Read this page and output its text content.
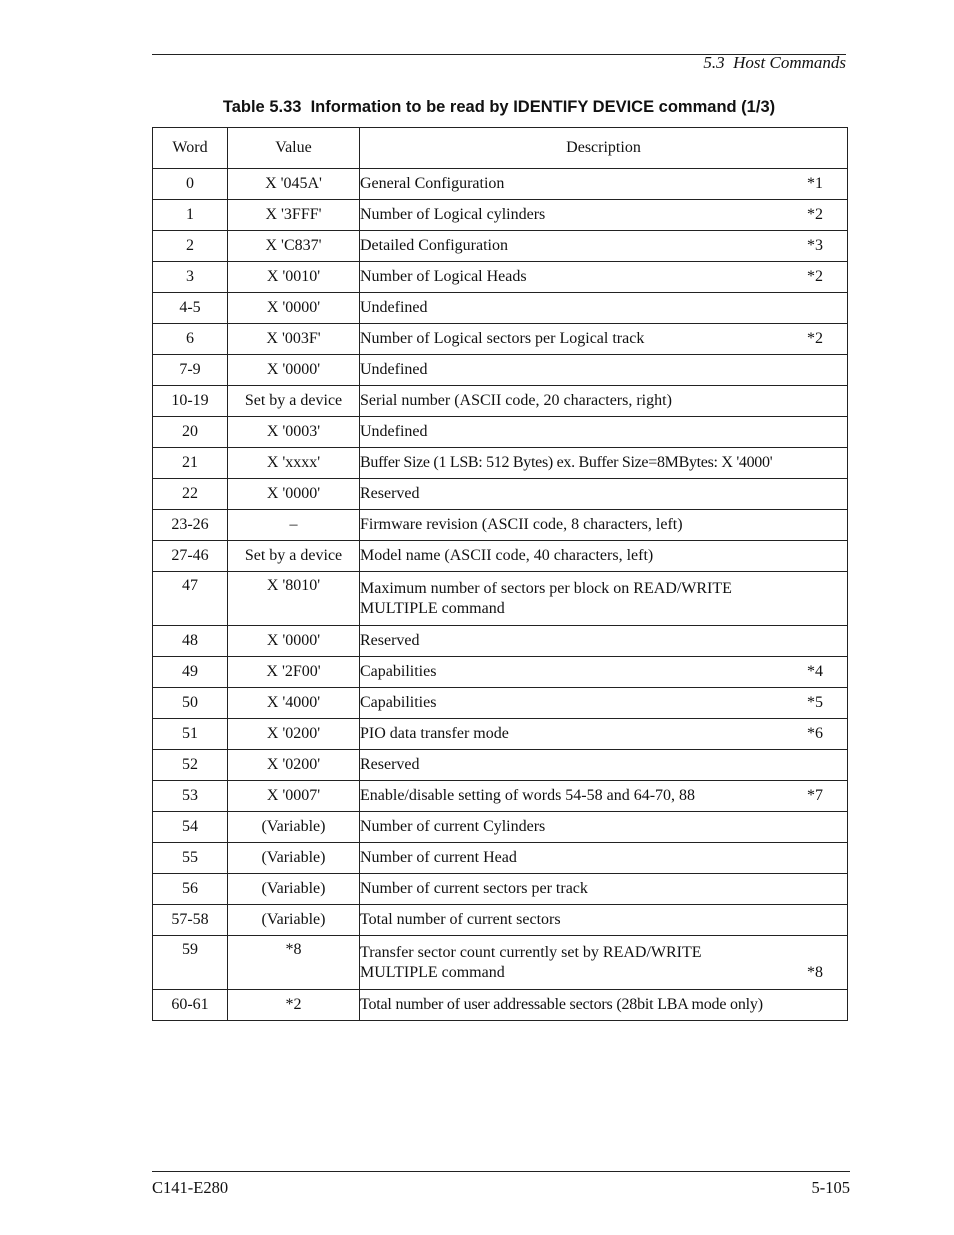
5.3  Host Commands

Table 5.33  Information to be read by IDENTIFY DEVICE command (1/3)
Word	Value	Description
0	X '045A'	General Configuration *1

1	X '3FFF'	Number of Logical cylinders *2

2	X 'C837'	Detailed Configuration *3

3	X '0010'	Number of Logical Heads *2

4-5	X '0000'	Undefined

6	X '003F'	Number of Logical sectors per Logical track *2

7-9	X '0000'	Undefined

10-19	Set by a device	Serial number (ASCII code, 20 characters, right)

20	X '0003'	Undefined

21	X 'xxxx'	Buffer Size (1 LSB: 512 Bytes) ex. Buffer Size=8MBytes: X '4000'

22	X '0000'	Reserved

23-26	–	Firmware revision (ASCII code, 8 characters, left)

27-46	Set by a device	Model name (ASCII code, 40 characters, left)

47	X '8010'	Maximum number of sectors per block on READ/WRITE MULTIPLE command

48	X '0000'	Reserved

49	X '2F00'	Capabilities *4

50	X '4000'	Capabilities *5

51	X '0200'	PIO data transfer mode *6

52	X '0200'	Reserved

53	X '0007'	Enable/disable setting of words 54-58 and 64-70, 88 *7

54	(Variable)	Number of current Cylinders

55	(Variable)	Number of current Head

56	(Variable)	Number of current sectors per track

57-58	(Variable)	Total number of current sectors

59	*8	Transfer sector count currently set by READ/WRITE MULTIPLE command *8

60-61	*2	Total number of user addressable sectors (28bit LBA mode only)
C141-E280	5-105
